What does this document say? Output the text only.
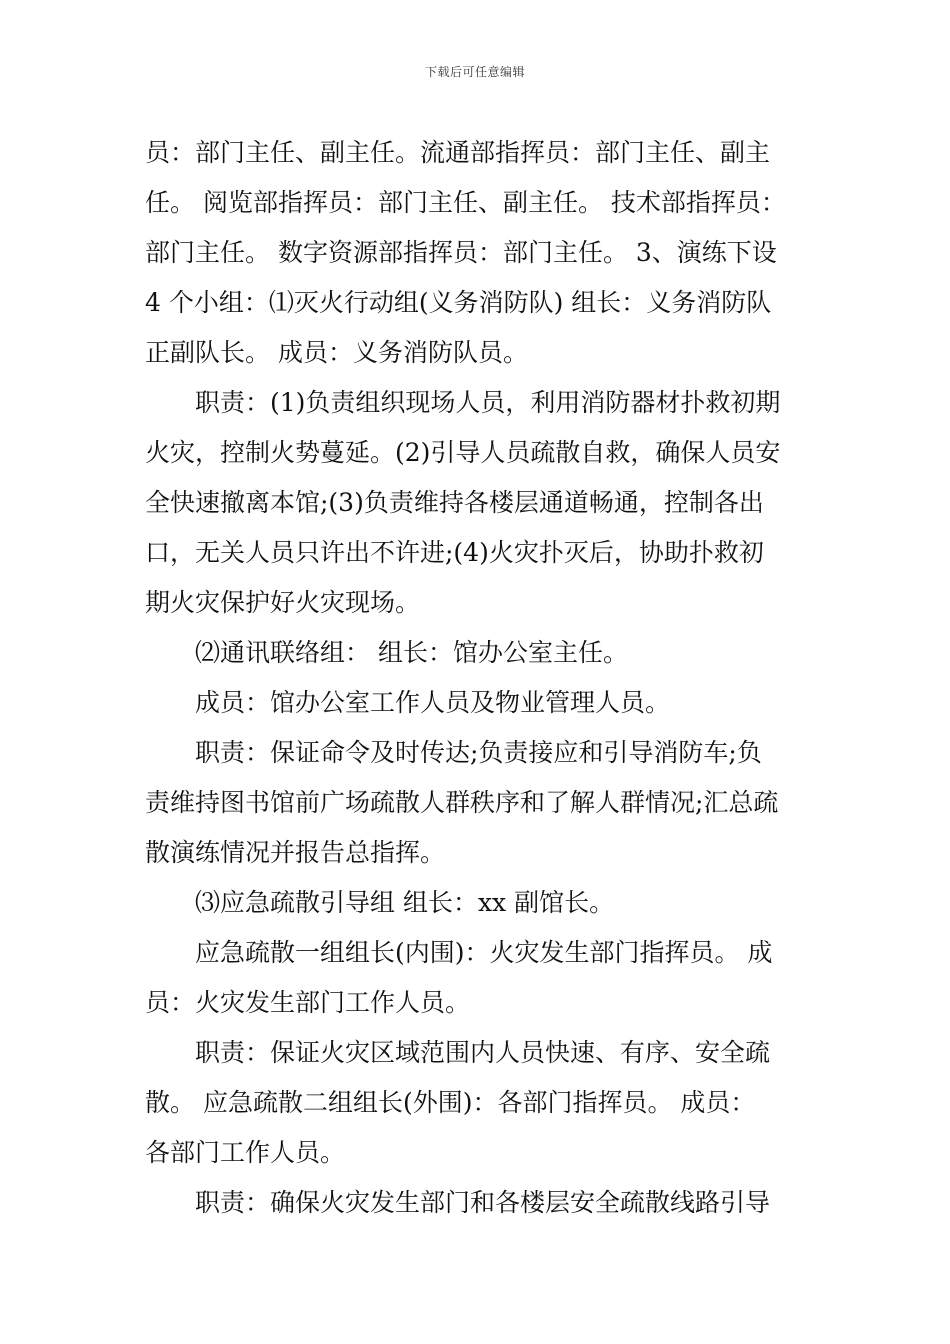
下载后可任意编辑
员：部门主任、副主任。流通部指挥员：部门主任、副主
任。 阅览部指挥员：部门主任、副主任。 技术部指挥员：
部门主任。 数字资源部指挥员：部门主任。 3、演练下设
4 个小组：⑴灭火行动组(义务消防队) 组长：义务消防队
正副队长。 成员：义务消防队员。
职责：(1)负责组织现场人员，利用消防器材扑救初期
火灾，控制火势蔓延。(2)引导人员疏散自救，确保人员安
全快速撤离本馆;(3)负责维持各楼层通道畅通，控制各出
口，无关人员只许出不许进;(4)火灾扑灭后，协助扑救初
期火灾保护好火灾现场。
⑵通讯联络组： 组长：馆办公室主任。
成员：馆办公室工作人员及物业管理人员。
职责：保证命令及时传达;负责接应和引导消防车;负
责维持图书馆前广场疏散人群秩序和了解人群情况;汇总疏
散演练情况并报告总指挥。
⑶应急疏散引导组 组长：xx 副馆长。
应急疏散一组组长(内围)：火灾发生部门指挥员。 成
员：火灾发生部门工作人员。
职责：保证火灾区域范围内人员快速、有序、安全疏
散。 应急疏散二组组长(外围)：各部门指挥员。 成员：
各部门工作人员。
职责：确保火灾发生部门和各楼层安全疏散线路引导
